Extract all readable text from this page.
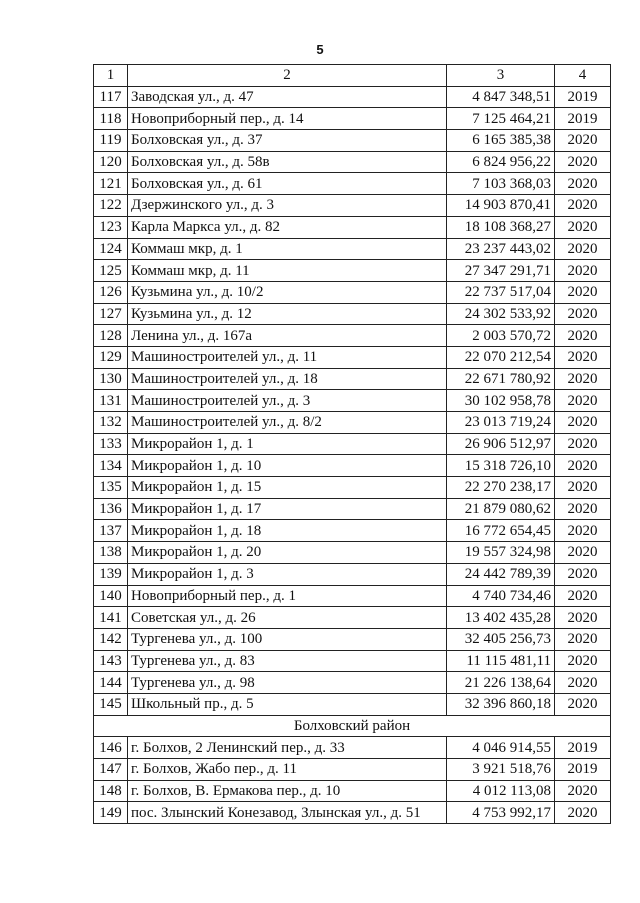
5
1	2	3	4
117	Заводская ул., д. 47	4 847 348,51	2019
118	Новоприборный пер., д. 14	7 125 464,21	2019
119	Болховская ул., д. 37	6 165 385,38	2020
120	Болховская ул., д. 58в	6 824 956,22	2020
121	Болховская ул., д. 61	7 103 368,03	2020
122	Дзержинского ул., д. 3	14 903 870,41	2020
123	Карла Маркса ул., д. 82	18 108 368,27	2020
124	Коммаш мкр, д. 1	23 237 443,02	2020
125	Коммаш мкр, д. 11	27 347 291,71	2020
126	Кузьмина ул., д. 10/2	22 737 517,04	2020
127	Кузьмина ул., д. 12	24 302 533,92	2020
128	Ленина ул., д. 167а	2 003 570,72	2020
129	Машиностроителей ул., д. 11	22 070 212,54	2020
130	Машиностроителей ул., д. 18	22 671 780,92	2020
131	Машиностроителей ул., д. 3	30 102 958,78	2020
132	Машиностроителей ул., д. 8/2	23 013 719,24	2020
133	Микрорайон 1, д. 1	26 906 512,97	2020
134	Микрорайон 1, д. 10	15 318 726,10	2020
135	Микрорайон 1, д. 15	22 270 238,17	2020
136	Микрорайон 1, д. 17	21 879 080,62	2020
137	Микрорайон 1, д. 18	16 772 654,45	2020
138	Микрорайон 1, д. 20	19 557 324,98	2020
139	Микрорайон 1, д. 3	24 442 789,39	2020
140	Новоприборный пер., д. 1	4 740 734,46	2020
141	Советская ул., д. 26	13 402 435,28	2020
142	Тургенева ул., д. 100	32 405 256,73	2020
143	Тургенева ул., д. 83	11 115 481,11	2020
144	Тургенева ул., д. 98	21 226 138,64	2020
145	Школьный пр., д. 5	32 396 860,18	2020
Болховский район			
146	г. Болхов, 2 Ленинский пер., д. 33	4 046 914,55	2019
147	г. Болхов, Жабо пер., д. 11	3 921 518,76	2019
148	г. Болхов, В. Ермакова пер., д. 10	4 012 113,08	2020
149	пос. Злынский Конезавод, Злынская ул., д. 51	4 753 992,17	2020
